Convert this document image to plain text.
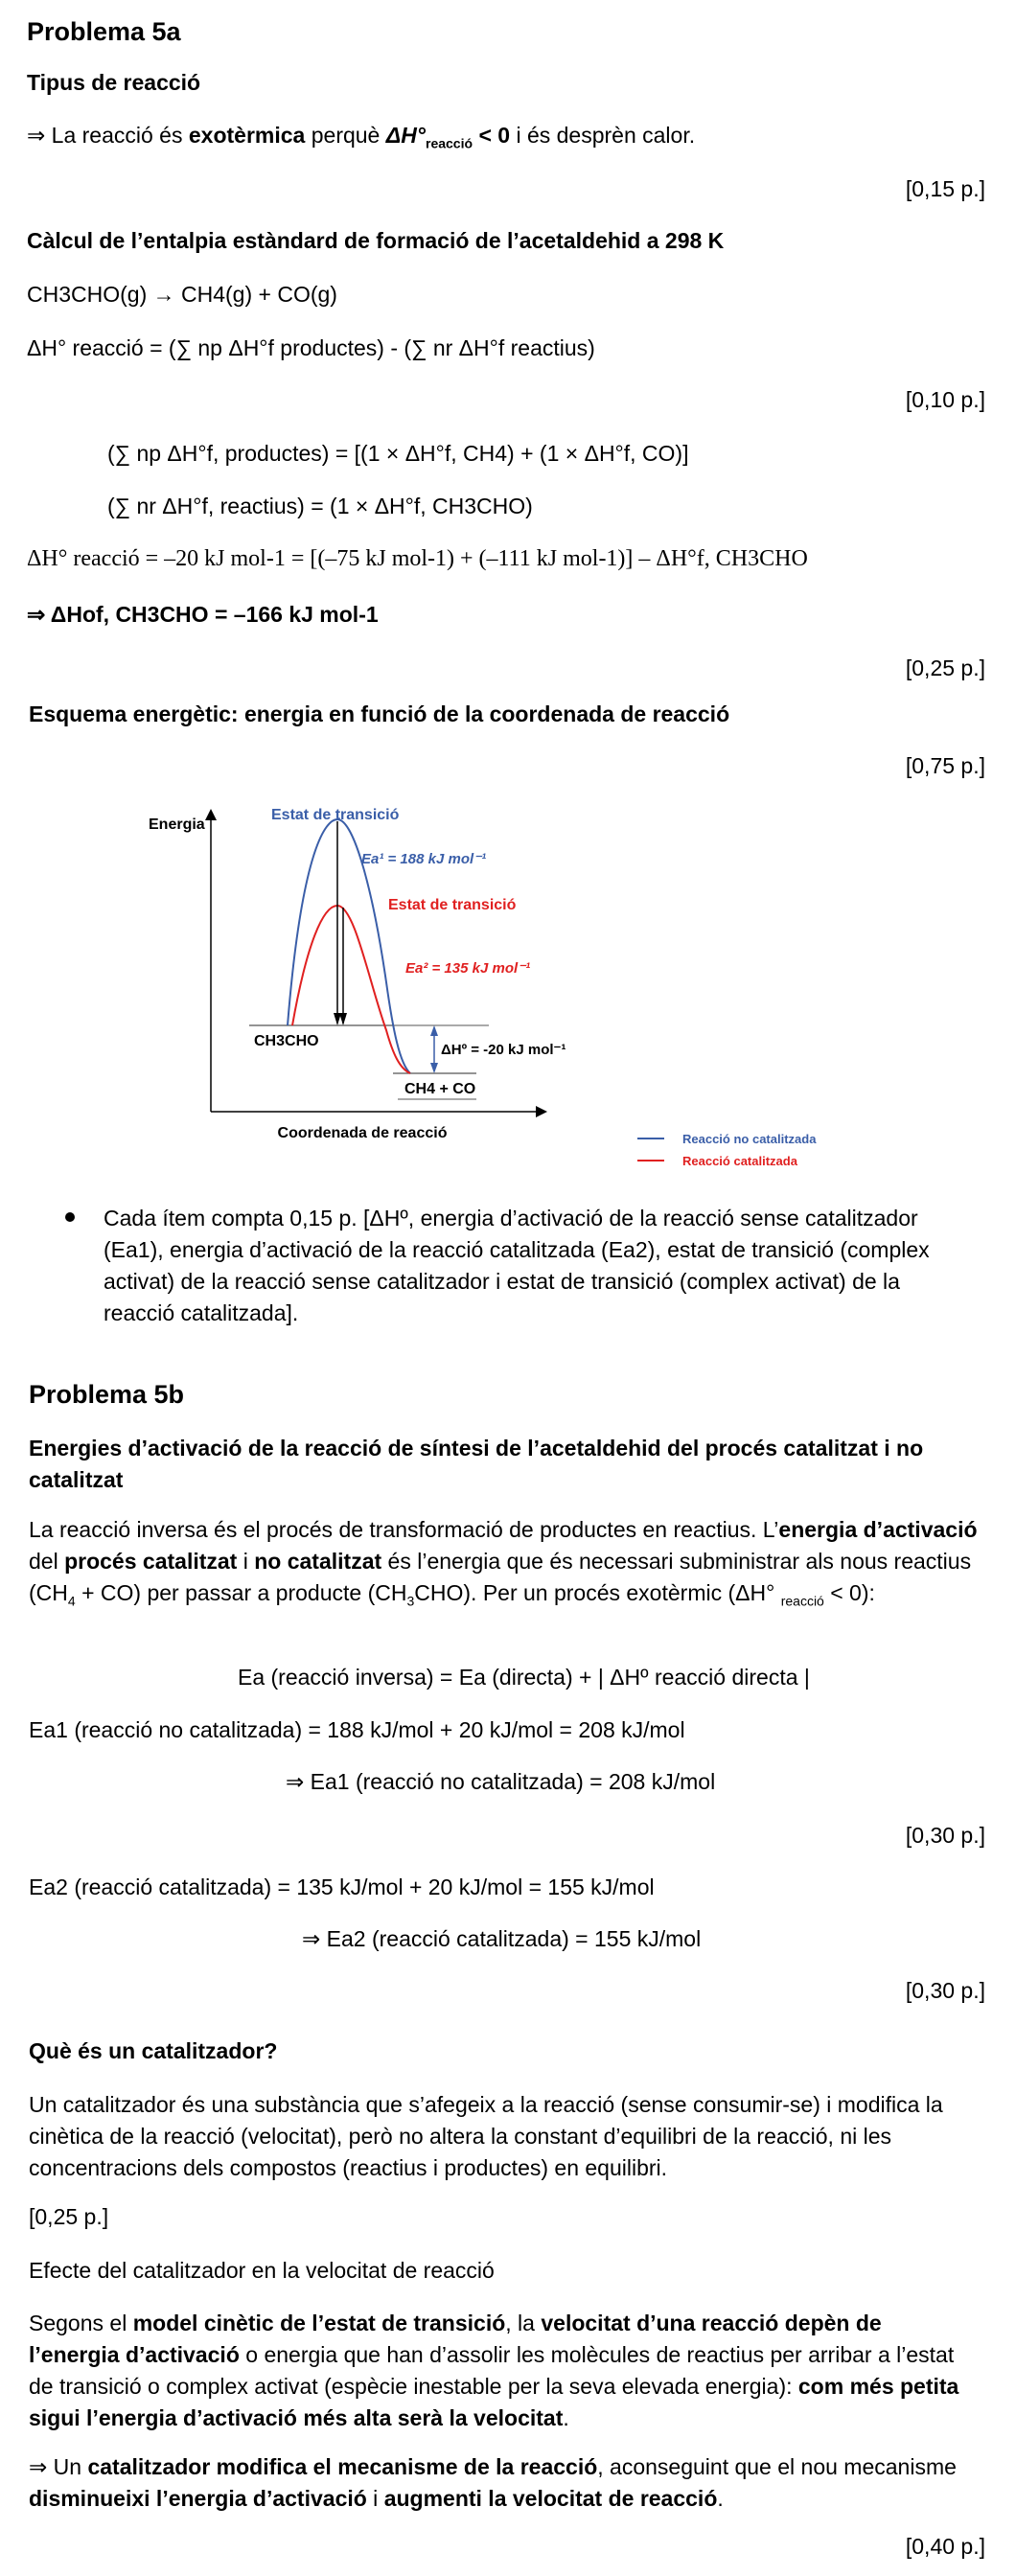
Problema 5a
Tipus de reacció
⇒ La reacció és exotèrmica perquè $\Delta H^\circ_{reacció} < 0$ i és desprèn calor.
[0,15 p.]
Càlcul de l’entalpia estàndard de formació de l’acetaldehid a 298 K
CH3CHO(g) → CH4(g) + CO(g)
ΔH° reacció = (∑ np ΔH°f productes) - (∑ nr ΔH°f reactius)
[0,10 p.]
(∑ np ΔH°f, productes) = [(1 × ΔH°f, CH4) + (1 × ΔH°f, CO)]
(∑ nr ΔH°f, reactius) = (1 × ΔH°f, CH3CHO)
ΔH° reacció = –20 kJ mol-1 = [(–75 kJ mol-1) + (–111 kJ mol-1)] – ΔH°f, CH3CHO
⇒ ΔHof, CH3CHO = –166 kJ mol-1
[0,25 p.]
Esquema energètic: energia en funció de la coordenada de reacció
[0,75 p.]
Energia
Coordenada de reacció
CH3CHO
CH4 + CO
Estat de transició
Ea¹ = 188 kJ mol⁻¹
Estat de transició
Ea² = 135 kJ mol⁻¹
ΔHº = -20 kJ mol⁻¹
Reacció no catalitzada
Reacció catalitzada
Cada ítem compta 0,15 p. [ΔHº, energia d’activació de la reacció sense catalitzador (Ea1), energia d’activació de la reacció catalitzada (Ea2), estat de transició (complex activat) de la reacció sense catalitzador i estat de transició (complex activat) de la reacció catalitzada].
Problema 5b
Energies d’activació de la reacció de síntesi de l’acetaldehid del procés catalitzat i no catalitzat
La reacció inversa és el procés de transformació de productes en reactius. L’energia d’activació del procés catalitzat i no catalitzat és l’energia que és necessari subministrar als nous reactius $(CH_4 + CO)$ per passar a producte $(CH_3CHO)$. Per un procés exotèrmic (ΔH° $_{reacció}$ < 0):
Ea (reacció inversa) = Ea (directa) + | ΔHº reacció directa |
Ea1 (reacció no catalitzada) = 188 kJ/mol + 20 kJ/mol = 208 kJ/mol
⇒ Ea1 (reacció no catalitzada) = 208 kJ/mol
[0,30 p.]
Ea2 (reacció catalitzada) = 135 kJ/mol + 20 kJ/mol = 155 kJ/mol
⇒ Ea2 (reacció catalitzada) = 155 kJ/mol
[0,30 p.]
Què és un catalitzador?
Un catalitzador és una substància que s’afegeix a la reacció (sense consumir-se) i modifica la cinètica de la reacció (velocitat), però no altera la constant d’equilibri de la reacció, ni les concentracions dels compostos (reactius i productes) en equilibri.
[0,25 p.]
Efecte del catalitzador en la velocitat de reacció
Segons el model cinètic de l’estat de transició, la velocitat d’una reacció depèn de l’energia d’activació o energia que han d’assolir les molècules de reactius per arribar a l’estat de transició o complex activat (espècie inestable per la seva elevada energia): com més petita sigui l’energia d’activació més alta serà la velocitat.
⇒ Un catalitzador modifica el mecanisme de la reacció, aconseguint que el nou mecanisme disminueixi l’energia d’activació i augmenti la velocitat de reacció.
[0,40 p.]
